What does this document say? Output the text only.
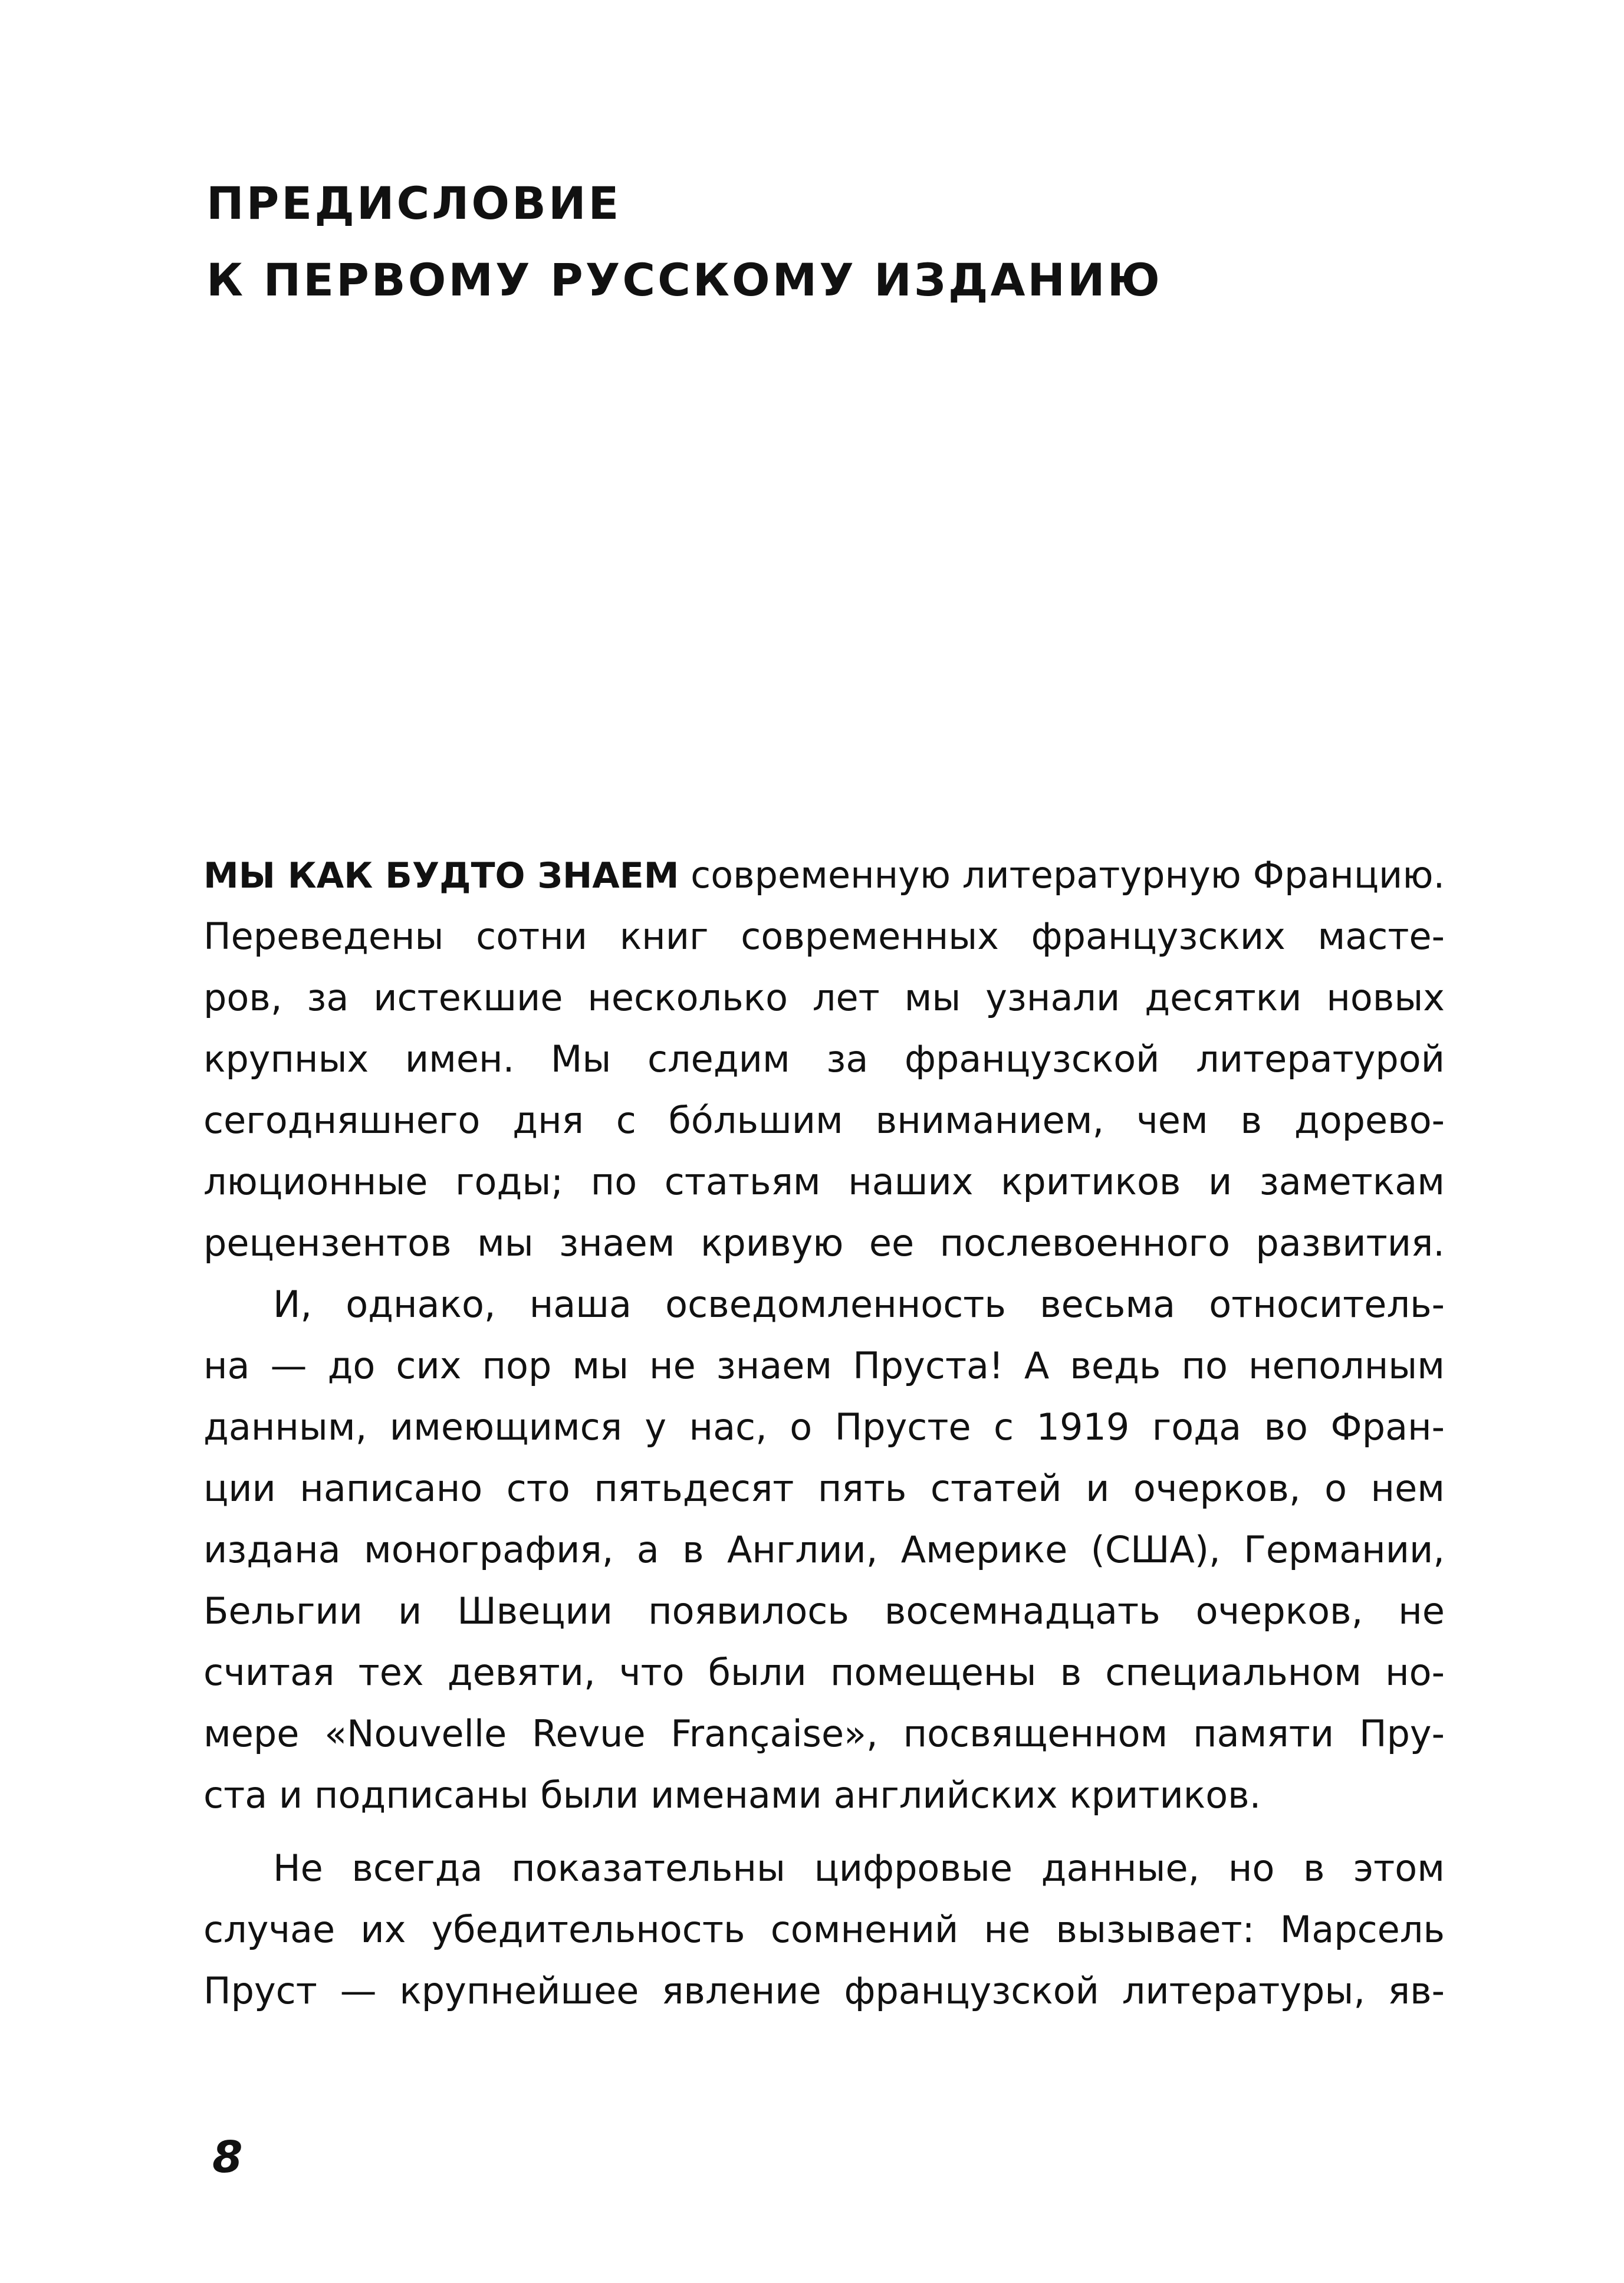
ПРЕДИСЛОВИЕ
К ПЕРВОМУ РУССКОМУ ИЗДАНИЮ
МЫ КАК БУДТО ЗНАЕМ современную литературную Францию.
Переведены сотни книг современных французских масте-
ров, за истекшие несколько лет мы узнали десятки новых
крупных имен. Мы следим за французской литературой
сегодняшнего дня с бóльшим вниманием, чем в дорево-
люционные годы; по статьям наших критиков и заметкам
рецензентов мы знаем кривую ее послевоенного развития.
И, однако, наша осведомленность весьма относитель-
на — до сих пор мы не знаем Пруста! А ведь по неполным
данным, имеющимся у нас, о Прусте с 1919 года во Фран-
ции написано сто пятьдесят пять статей и очерков, о нем
издана монография, а в Англии, Америке (США), Германии,
Бельгии и Швеции появилось восемнадцать очерков, не
считая тех девяти, что были помещены в специальном но-
мере «Nouvelle Revue Française», посвященном памяти Пру-
ста и подписаны были именами английских критиков.
Не всегда показательны цифровые данные, но в этом
случае их убедительность сомнений не вызывает: Марсель
Пруст — крупнейшее явление французской литературы, яв-
8
